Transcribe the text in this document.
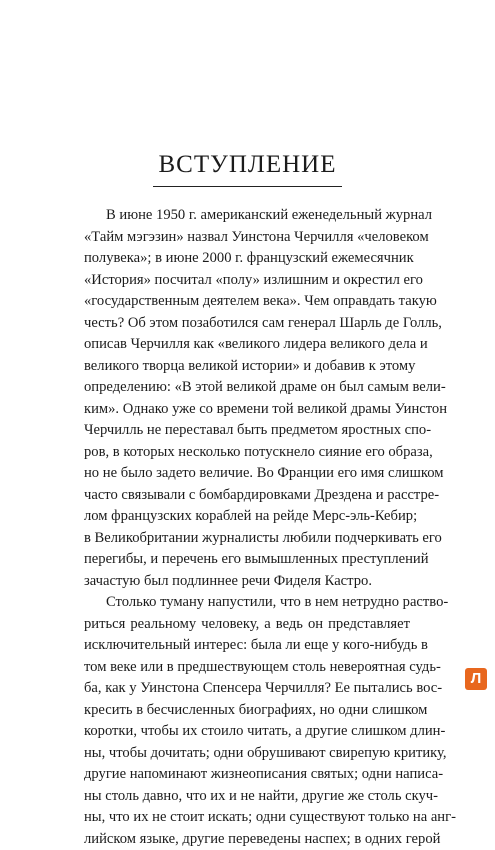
ВСТУПЛЕНИЕ
В июне 1950 г. американский еженедельный журнал
«Тайм мэгэзин» назвал Уинстона Черчилля «человеком
полувека»; в июне 2000 г. французский ежемесячник
«История» посчитал «полу» излишним и окрестил его
«государственным деятелем века». Чем оправдать такую
честь? Об этом позаботился сам генерал Шарль де Голль,
описав Черчилля как «великого лидера великого дела и
великого творца великой истории» и добавив к этому
определению: «В этой великой драме он был самым вели-
ким». Однако уже со времени той великой драмы Уинстон
Черчилль не переставал быть предметом яростных спо-
ров, в которых несколько потускнело сияние его образа,
но не было задето величие. Во Франции его имя слишком
часто связывали с бомбардировками Дрездена и расстре-
лом французских кораблей на рейде Мерс-эль-Кебир;
в Великобритании журналисты любили подчеркивать его
перегибы, и перечень его вымышленных преступлений
зачастую был подлиннее речи Фиделя Кастро.
Столько туману напустили, что в нем нетрудно раство-
риться реальному человеку, а ведь он представляет
исключительный интерес: была ли еще у кого-нибудь в
том веке или в предшествующем столь невероятная судь-
ба, как у Уинстона Спенсера Черчилля? Ее пытались вос-
кресить в бесчисленных биографиях, но одни слишком
коротки, чтобы их стоило читать, а другие слишком длин-
ны, чтобы дочитать; одни обрушивают свирепую критику,
другие напоминают жизнеописания святых; одни написа-
ны столь давно, что их и не найти, другие же столь скуч-
ны, что их не стоит искать; одни существуют только на анг-
лийском языке, другие переведены наспех; в одних герой
Л
